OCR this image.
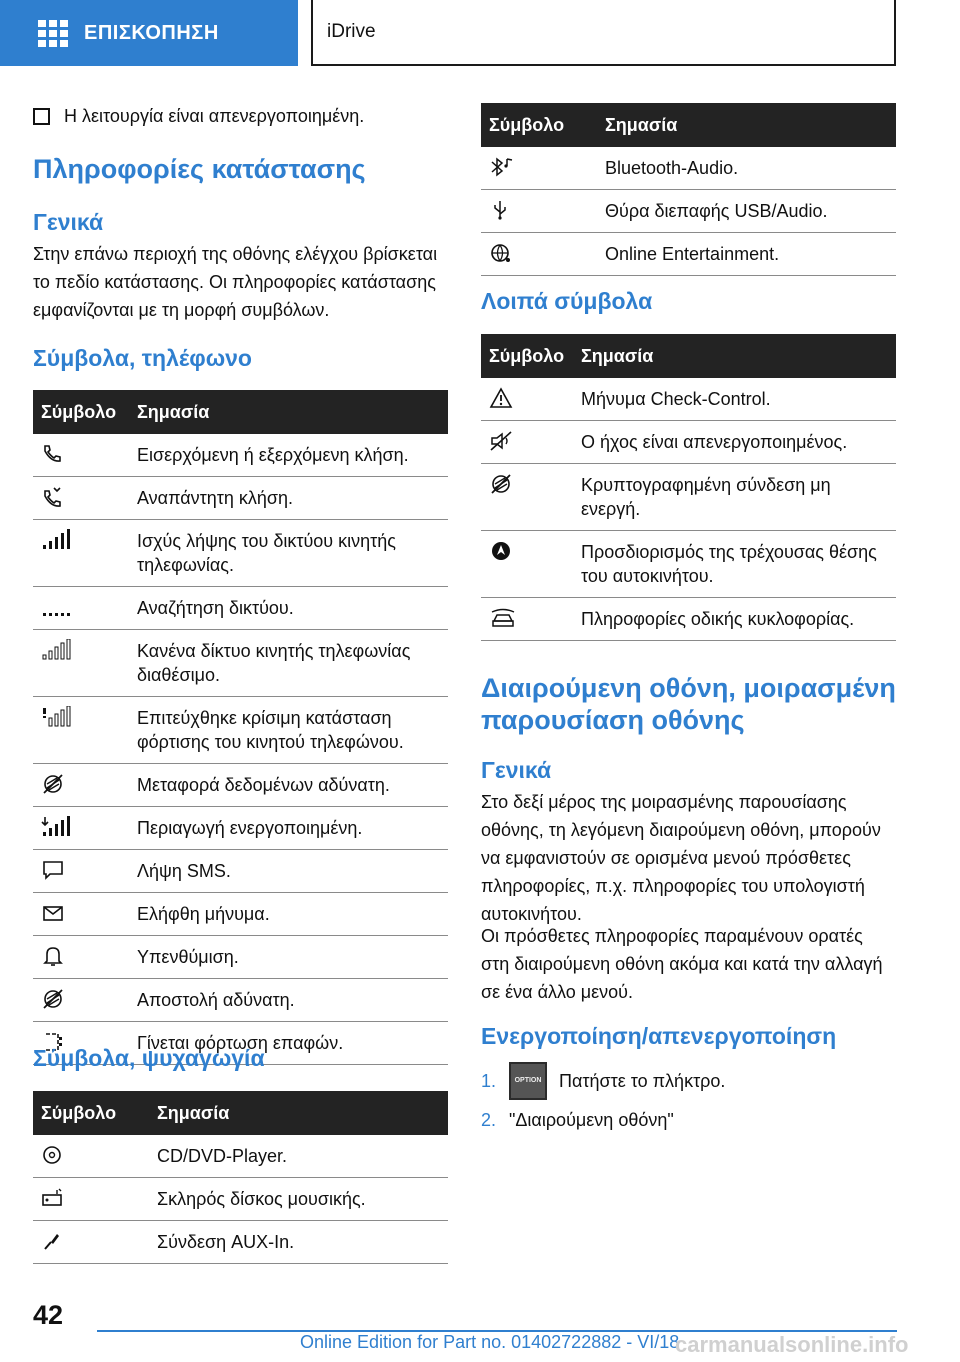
ΕΠΙΣΚΟΠΗΣΗ	iDrive
Η λειτουργία είναι απενεργοποιημένη.
Πληροφορίες κατάστασης
Γενικά

Στην επάνω περιοχή της οθόνης ελέγχου βρίσκεται το πεδίο κατάστασης. Οι πληροφορίες κατάστασης εμφανίζονται με τη μορφή συμβόλων.

Σύμβολα, τηλέφωνο
Σύμβολο	Σημασία

	Εισερχόμενη ή εξερχόμενη κλήση.

	Αναπάντητη κλήση.

	Ισχύς λήψης του δικτύου κινητής τηλεφωνίας.

	Αναζήτηση δικτύου.

	Κανένα δίκτυο κινητής τηλεφωνίας διαθέσιμο.

	Επιτεύχθηκε κρίσιμη κατάσταση φόρτισης του κινητού τηλεφώνου.

	Μεταφορά δεδομένων αδύνατη.

	Περιαγωγή ενεργοποιημένη.

	Λήψη SMS.

	Ελήφθη μήνυμα.

	Υπενθύμιση.

	Αποστολή αδύνατη.

	Γίνεται φόρτωση επαφών.
Σύμβολα, ψυχαγωγία
Σύμβολο	Σημασία

	CD/DVD-Player.

	Σκληρός δίσκος μουσικής.

	Σύνδεση AUX-In.
Σύμβολο	Σημασία

	Bluetooth-Audio.

	Θύρα διεπαφής USB/Audio.

	Online Entertainment.
Λοιπά σύμβολα
Σύμβολο	Σημασία

	Μήνυμα Check-Control.

	Ο ήχος είναι απενεργοποιημένος.

	Κρυπτογραφημένη σύνδεση μη ενεργή.

	Προσδιορισμός της τρέχουσας θέσης του αυτοκινήτου.

	Πληροφορίες οδικής κυκλοφορίας.
Διαιρούμενη οθόνη, μοιρασμένη παρουσίαση οθόνης
Γενικά

Στο δεξί μέρος της μοιρασμένης παρουσίασης οθόνης, τη λεγόμενη διαιρούμενη οθόνη, μπορούν να εμφανιστούν σε ορισμένα μενού πρόσθετες πληροφορίες, π.χ. πληροφορίες του υπολογιστή αυτοκινήτου.

Οι πρόσθετες πληροφορίες παραμένουν ορατές στη διαιρούμενη οθόνη ακόμα και κατά την αλλαγή σε ένα άλλο μενού.

Ενεργοποίηση/απενεργοποίηση
1.	OPTION Πατήστε το πλήκτρο.
2. "Διαιρούμενη οθόνη"
42
Online Edition for Part no. 01402722882 - VI/18
carmanualsonline.info
